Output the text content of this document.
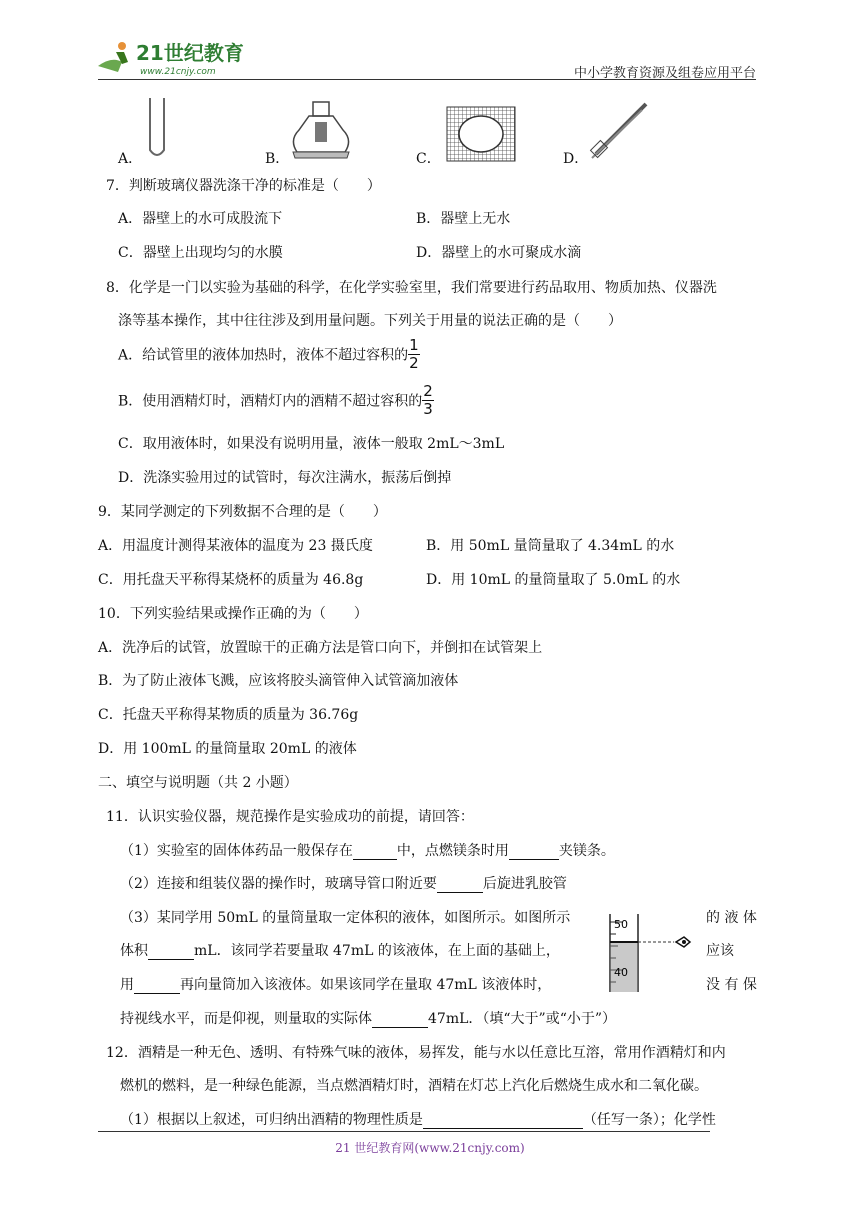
21世纪教育
www.21cnjy.com	中小学教育资源及组卷应用平台
A．	B．	C．	D．
7．判断玻璃仪器洗涤干净的标准是（　　）
A．器壁上的水可成股流下	B．器壁上无水
C．器壁上出现均匀的水膜	D．器壁上的水可聚成水滴
8．化学是一门以实验为基础的科学，在化学实验室里，我们常要进行药品取用、物质加热、仪器洗
涤等基本操作，其中往往涉及到用量问题。下列关于用量的说法正确的是（　　）
A．给试管里的液体加热时，液体不超过容积的 $\frac{1}{2}$
B．使用酒精灯时，酒精灯内的酒精不超过容积的 $\frac{2}{3}$
C．取用液体时，如果没有说明用量，液体一般取 2mL～3mL
D．洗涤实验用过的试管时，每次注满水，振荡后倒掉
9．某同学测定的下列数据不合理的是（　　）
A．用温度计测得某液体的温度为 23 摄氏度	B．用 50mL 量筒量取了 4.34mL 的水
C．用托盘天平称得某烧杯的质量为 46.8g	D．用 10mL 的量筒量取了 5.0mL 的水
10．下列实验结果或操作正确的为（　　）
A．洗净后的试管，放置晾干的正确方法是管口向下，并倒扣在试管架上
B．为了防止液体飞溅，应该将胶头滴管伸入试管滴加液体
C．托盘天平称得某物质的质量为 36.76g
D．用 100mL 的量筒量取 20mL 的液体
二、填空与说明题（共 2 小题）
11．认识实验仪器，规范操作是实验成功的前提，请回答：
（1）实验室的固体体药品一般保存在	中，点燃镁条时用	夹镁条。
（2）连接和组装仪器的操作时，玻璃导管口附近要	后旋进乳胶管
（3）某同学用 50mL 的量筒量取一定体积的液体，如图所示。如图所示	的 液 体
体积	mL．该同学若要量取 47mL 的该液体，在上面的基础上，	应该
用	再向量筒加入该液体。如果该同学在量取 47mL 该液体时，	没 有 保
持视线水平，而是仰视，则量取的实际体	47mL．（填“大于”或“小于”）
50
40
12．酒精是一种无色、透明、有特殊气味的液体，易挥发，能与水以任意比互溶，常用作酒精灯和内
燃机的燃料，是一种绿色能源，当点燃酒精灯时，酒精在灯芯上汽化后燃烧生成水和二氧化碳。
（1）根据以上叙述，可归纳出酒精的物理性质是	（任写一条）；化学性
21 世纪教育网(www.21cnjy.com)
